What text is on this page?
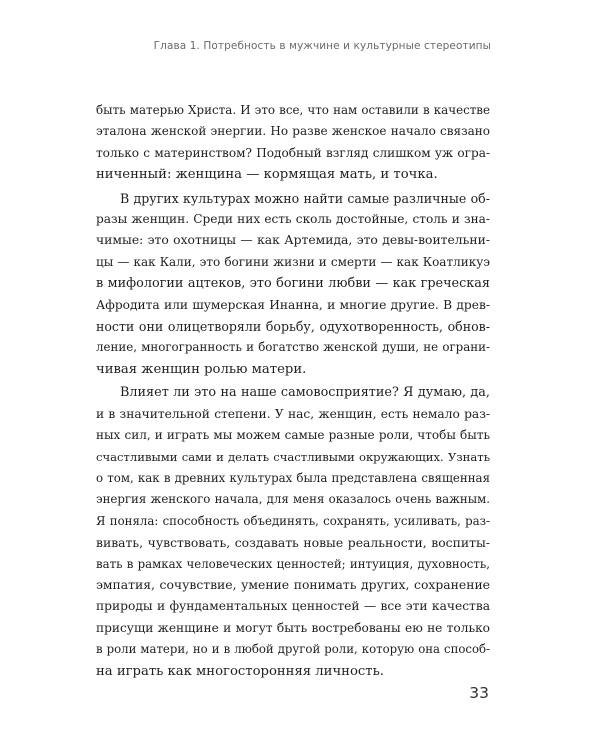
Глава 1. Потребность в мужчине и культурные стереотипы
быть матерью Христа. И это все, что нам оставили в качестве
эталона женской энергии. Но разве женское начало связано
только с материнством? Подобный взгляд слишком уж огра-
ниченный: женщина — кормящая мать, и точка.
В других культурах можно найти самые различные об-
разы женщин. Среди них есть сколь достойные, столь и зна-
чимые: это охотницы — как Артемида, это девы-воительни-
цы — как Кали, это богини жизни и смерти — как Коатликуэ
в мифологии ацтеков, это богини любви — как греческая
Афродита или шумерская Инанна, и многие другие. В древ-
ности они олицетворяли борьбу, одухотворенность, обнов-
ление, многогранность и богатство женской души, не ограни-
чивая женщин ролью матери.
Влияет ли это на наше самовосприятие? Я думаю, да,
и в значительной степени. У нас, женщин, есть немало раз-
ных сил, и играть мы можем самые разные роли, чтобы быть
счастливыми сами и делать счастливыми окружающих. Узнать
о том, как в древних культурах была представлена священная
энергия женского начала, для меня оказалось очень важным.
Я поняла: способность объединять, сохранять, усиливать, раз-
вивать, чувствовать, создавать новые реальности, воспиты-
вать в рамках человеческих ценностей; интуиция, духовность,
эмпатия, сочувствие, умение понимать других, сохранение
природы и фундаментальных ценностей — все эти качества
присущи женщине и могут быть востребованы ею не только
в роли матери, но и в любой другой роли, которую она способ-
на играть как многосторонняя личность.
33
